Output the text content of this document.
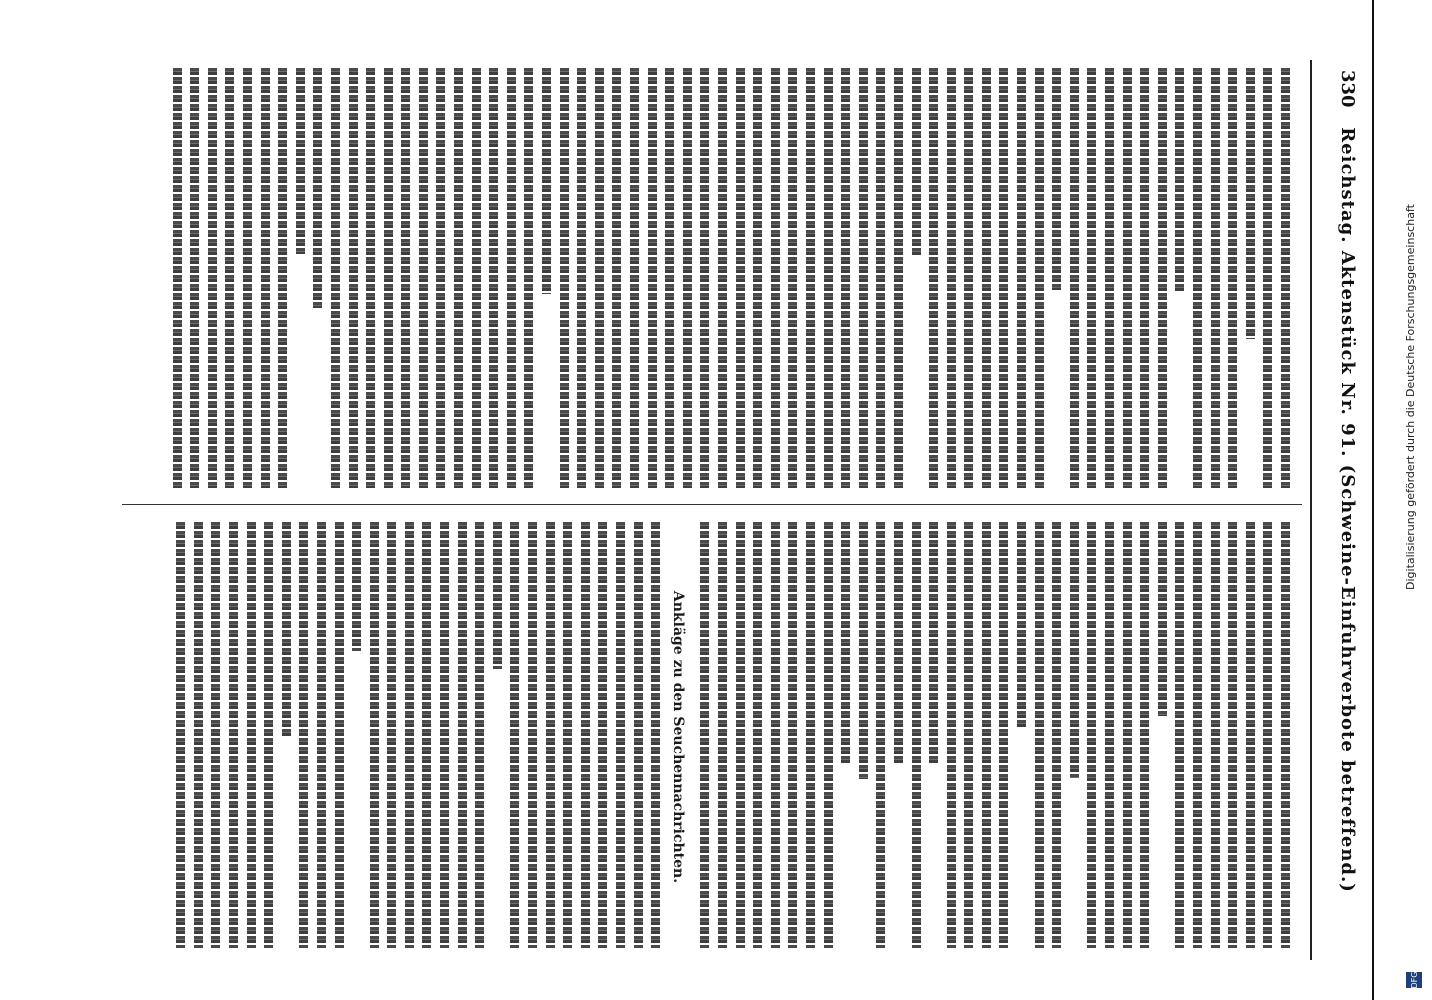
330
Reichstag. Aktenstück Nr. 91. (Schweine-Einfuhrverbote betreffend.)
Ankläge zu den Seuchennachrichten.
Digitalisierung gefördert durch die Deutsche Forschungsgemeinschaft
DFG
